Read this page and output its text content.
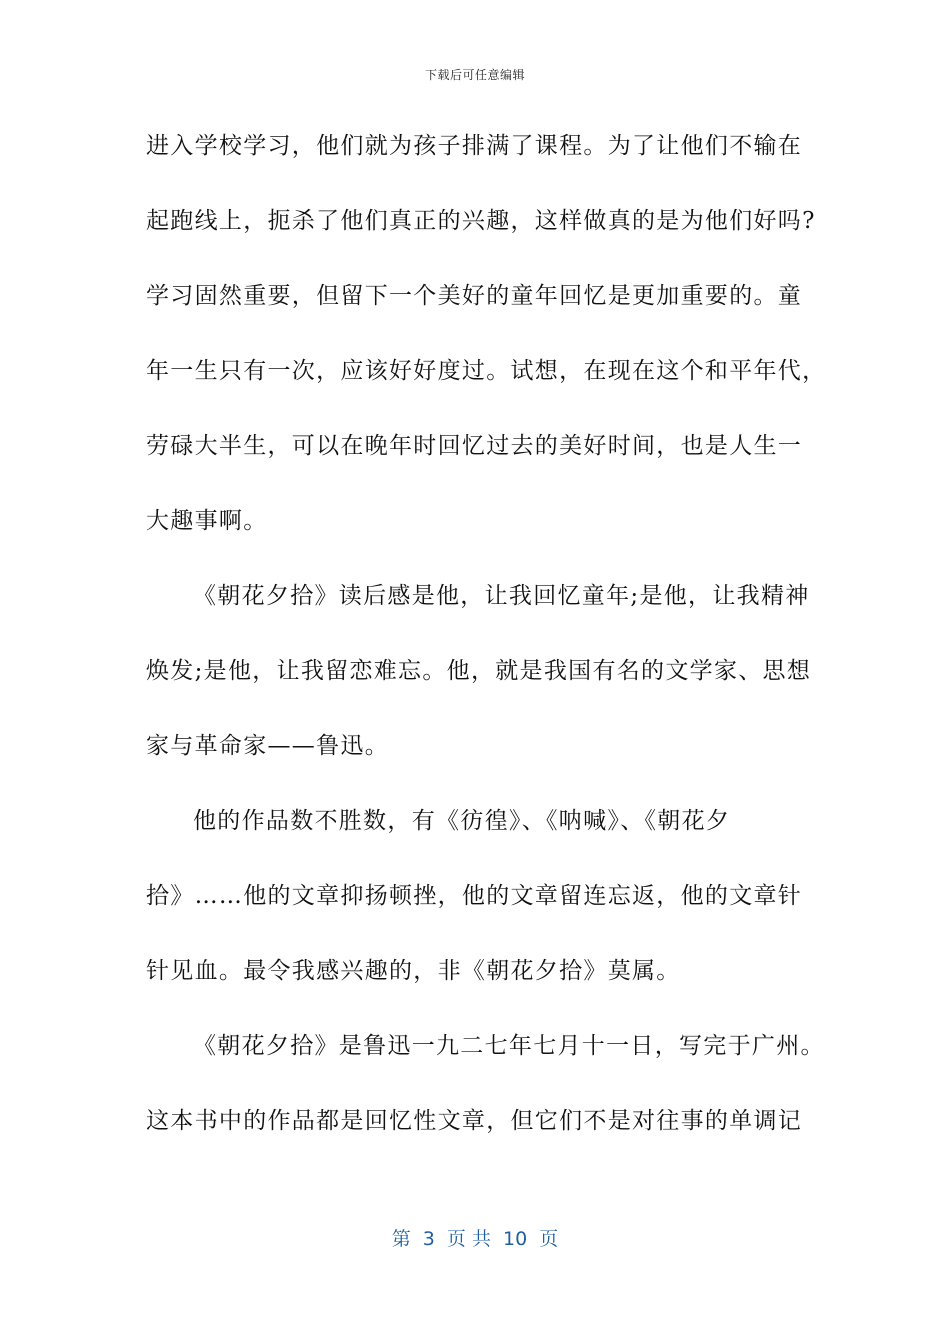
下载后可任意编辑
进入学校学习，他们就为孩子排满了课程。为了让他们不输在
起跑线上，扼杀了他们真正的兴趣，这样做真的是为他们好吗?
学习固然重要，但留下一个美好的童年回忆是更加重要的。童
年一生只有一次，应该好好度过。试想，在现在这个和平年代，
劳碌大半生，可以在晚年时回忆过去的美好时间，也是人生一
大趣事啊。
《朝花夕拾》读后感是他，让我回忆童年;是他，让我精神
焕发;是他，让我留恋难忘。他，就是我国有名的文学家、思想
家与革命家——鲁迅。
他的作品数不胜数，有《彷徨》、《呐喊》、《朝花夕
拾》……他的文章抑扬顿挫，他的文章留连忘返，他的文章针
针见血。最令我感兴趣的，非《朝花夕拾》莫属。
《朝花夕拾》是鲁迅一九二七年七月十一日，写完于广州。
这本书中的作品都是回忆性文章，但它们不是对往事的单调记
第  3  页 共  10  页
